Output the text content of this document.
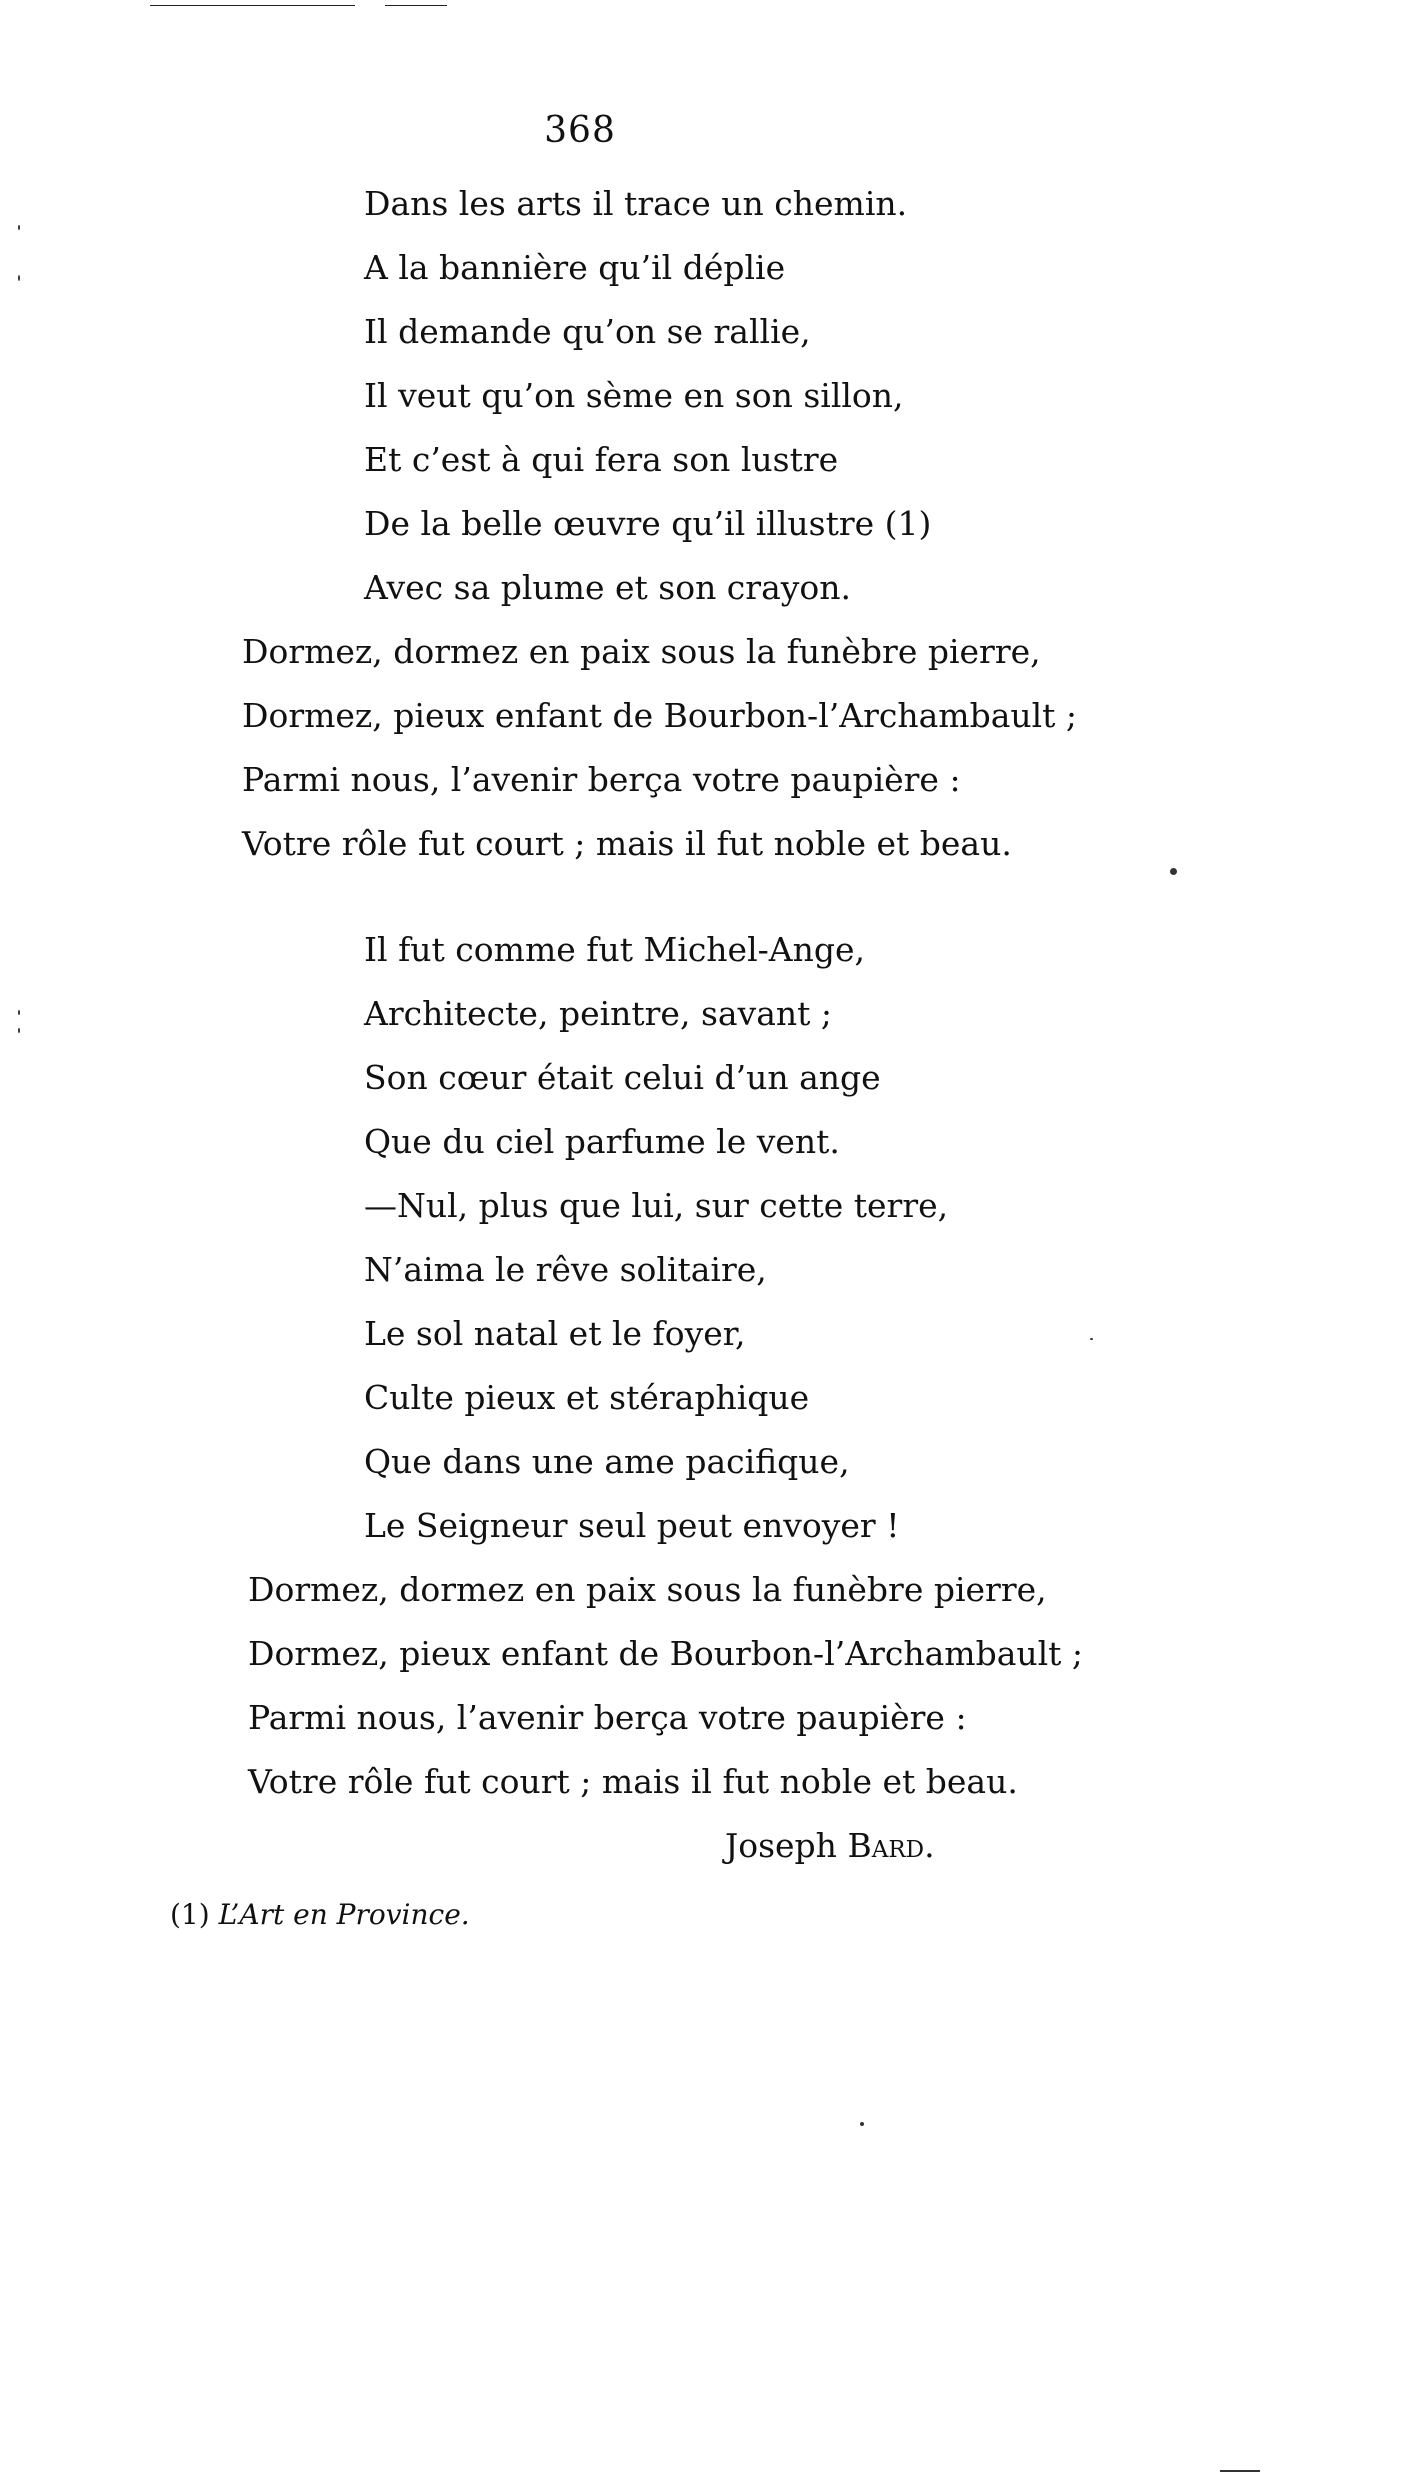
368
Dans les arts il trace un chemin.
A la bannière qu’il déplie
Il demande qu’on se rallie,
Il veut qu’on sème en son sillon,
Et c’est à qui fera son lustre
De la belle œuvre qu’il illustre (1)
Avec sa plume et son crayon.
Dormez, dormez en paix sous la funèbre pierre,
Dormez, pieux enfant de Bourbon-l’Archambault ;
Parmi nous, l’avenir berça votre paupière :
Votre rôle fut court ; mais il fut noble et beau.
Il fut comme fut Michel-Ange,
Architecte, peintre, savant ;
Son cœur était celui d’un ange
Que du ciel parfume le vent.
—Nul, plus que lui, sur cette terre,
N’aima le rêve solitaire,
Le sol natal et le foyer,
Culte pieux et stéraphique
Que dans une ame pacifique,
Le Seigneur seul peut envoyer !
Dormez, dormez en paix sous la funèbre pierre,
Dormez, pieux enfant de Bourbon-l’Archambault ;
Parmi nous, l’avenir berça votre paupière :
Votre rôle fut court ; mais il fut noble et beau.
Joseph Bard.
(1) L’Art en Province.
